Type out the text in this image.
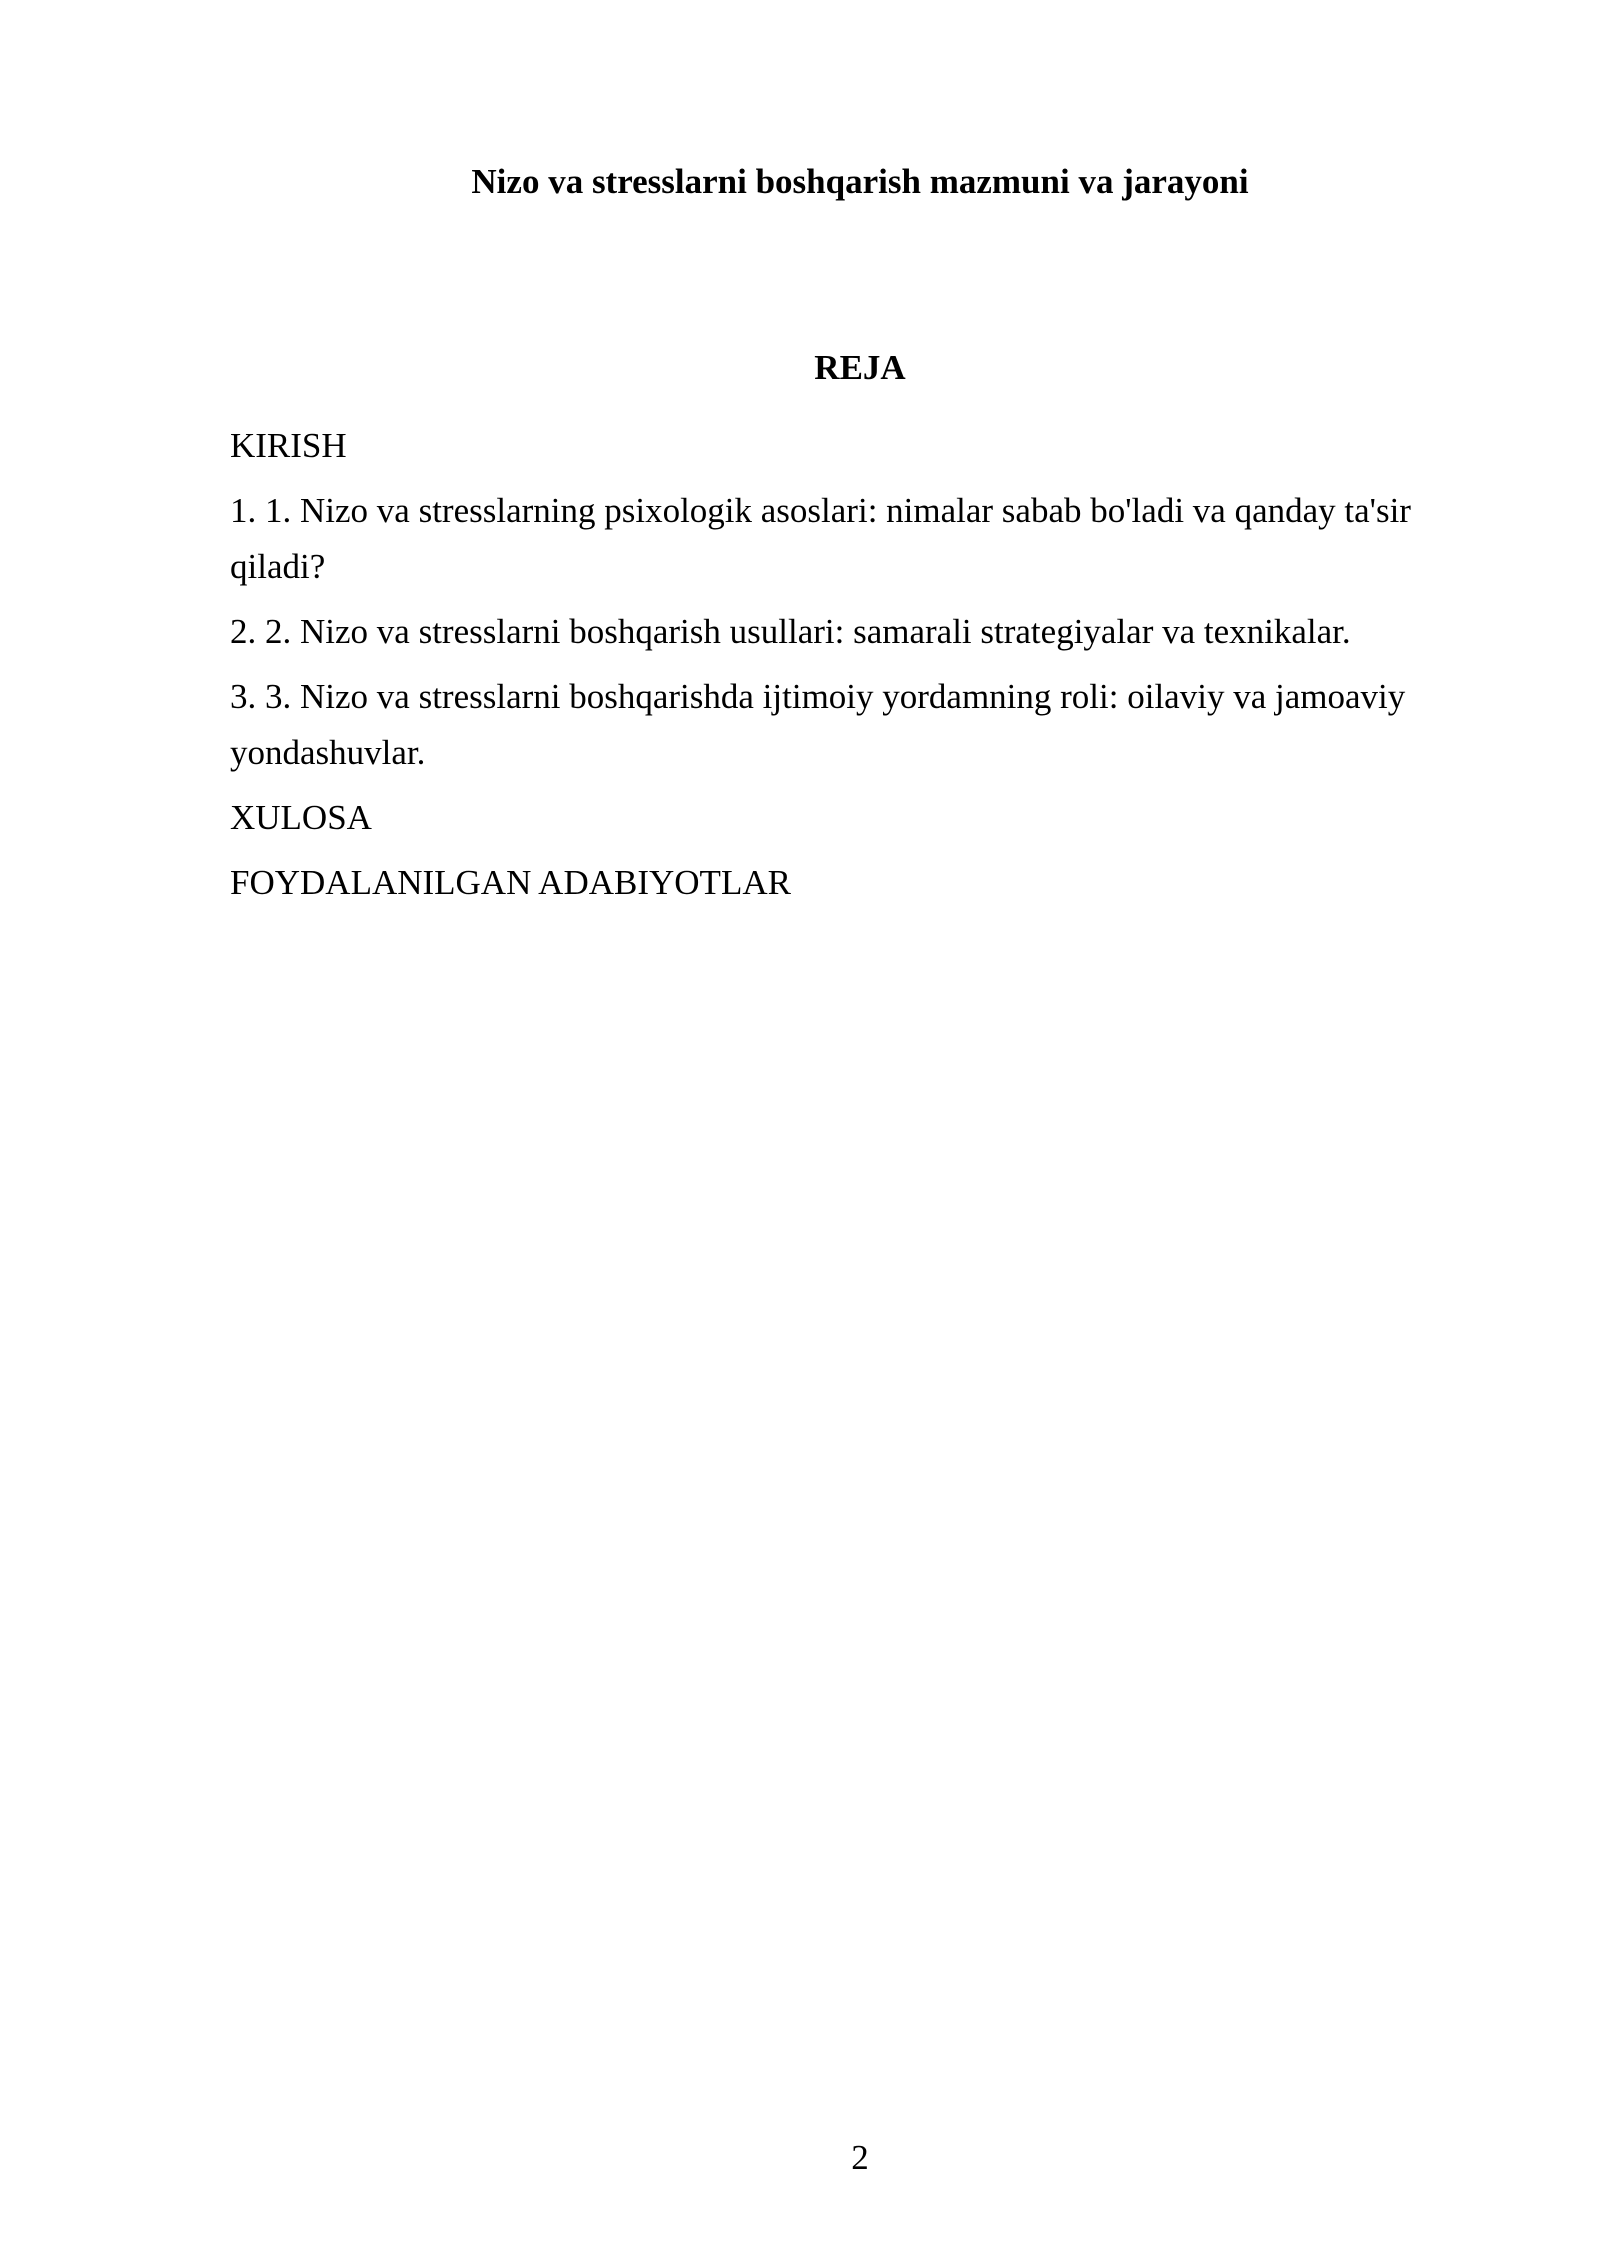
Nizo va stresslarni boshqarish mazmuni va jarayoni
REJA
KIRISH
1. 1. Nizo va stresslarning psixologik asoslari: nimalar sabab bo'ladi va qanday ta'sir qiladi?
2. 2. Nizo va stresslarni boshqarish usullari: samarali strategiyalar va texnikalar.
3. 3. Nizo va stresslarni boshqarishda ijtimoiy yordamning roli: oilaviy va jamoaviy yondashuvlar.
XULOSA
FOYDALANILGAN ADABIYOTLAR
2
